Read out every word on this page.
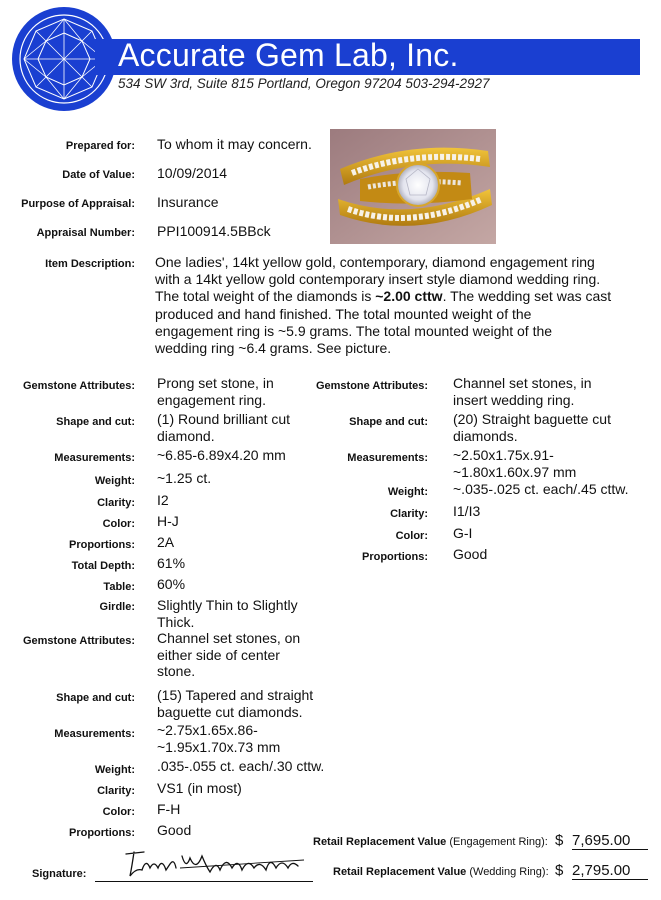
Accurate Gem Lab, Inc.
534 SW 3rd, Suite 815 Portland, Oregon 97204 503-294-2927
Prepared for: To whom it may concern.
Date of Value: 10/09/2014
Purpose of Appraisal: Insurance
Appraisal Number: PPI100914.5BBck
Item Description: One ladies', 14kt yellow gold, contemporary, diamond engagement ring
with a 14kt yellow gold contemporary insert style diamond wedding ring.
The total weight of the diamonds is ~2.00 cttw. The wedding set was cast
produced and hand finished. The total mounted weight of the
engagement ring is ~5.9 grams. The total mounted weight of the
wedding ring ~6.4 grams. See picture.
Gemstone Attributes: Prong set stone, in
engagement ring.
Shape and cut: (1) Round brilliant cut
diamond.
Measurements: ~6.85-6.89x4.20 mm
Weight: ~1.25 ct.
Clarity: I2
Color: H-J
Proportions: 2A
Total Depth: 61%
Table: 60%
Girdle: Slightly Thin to Slightly
Thick.
Gemstone Attributes: Channel set stones, on
either side of center
stone.
Shape and cut: (15) Tapered and straight
baguette cut diamonds.
Measurements: ~2.75x1.65x.86-
~1.95x1.70x.73 mm
Weight: .035-.055 ct. each/.30 cttw.
Clarity: VS1 (in most)
Color: F-H
Proportions: Good
Gemstone Attributes: Channel set stones, in
insert wedding ring.
Shape and cut: (20) Straight baguette cut
diamonds.
Measurements: ~2.50x1.75x.91-
~1.80x1.60x.97 mm
Weight: ~.035-.025 ct. each/.45 cttw.
Clarity: I1/I3
Color: G-I
Proportions: Good
Retail Replacement Value (Engagement Ring): $ 7,695.00
Retail Replacement Value (Wedding Ring): $ 2,795.00
Signature:
